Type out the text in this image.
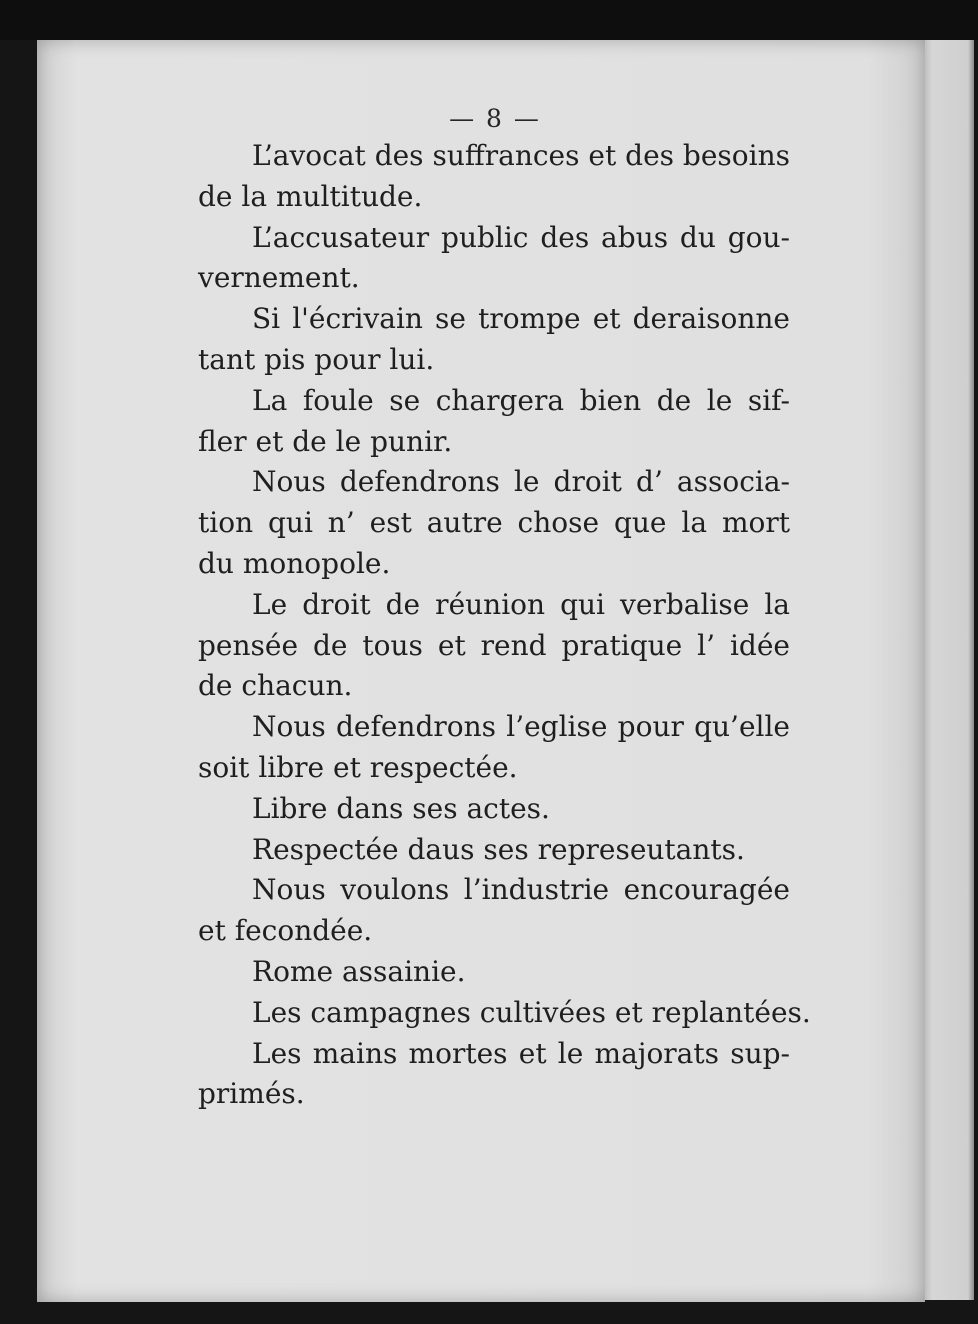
— 8 —
L’avocat des suffrances et des besoins
de la multitude.
L’accusateur public des abus du gou-
vernement.
Si l'écrivain se trompe et deraisonne
tant pis pour lui.
La foule se chargera bien de le sif-
fler et de le punir.
Nous defendrons le droit d’ associa-
tion qui n’ est autre chose que la mort
du monopole.
Le droit de réunion qui verbalise la
pensée de tous et rend pratique l’ idée
de chacun.
Nous defendrons l’eglise pour qu’elle
soit libre et respectée.
Libre dans ses actes.
Respectée daus ses represeutants.
Nous voulons l’industrie encouragée
et fecondée.
Rome assainie.
Les campagnes cultivées et replantées.
Les mains mortes et le majorats sup-
primés.
